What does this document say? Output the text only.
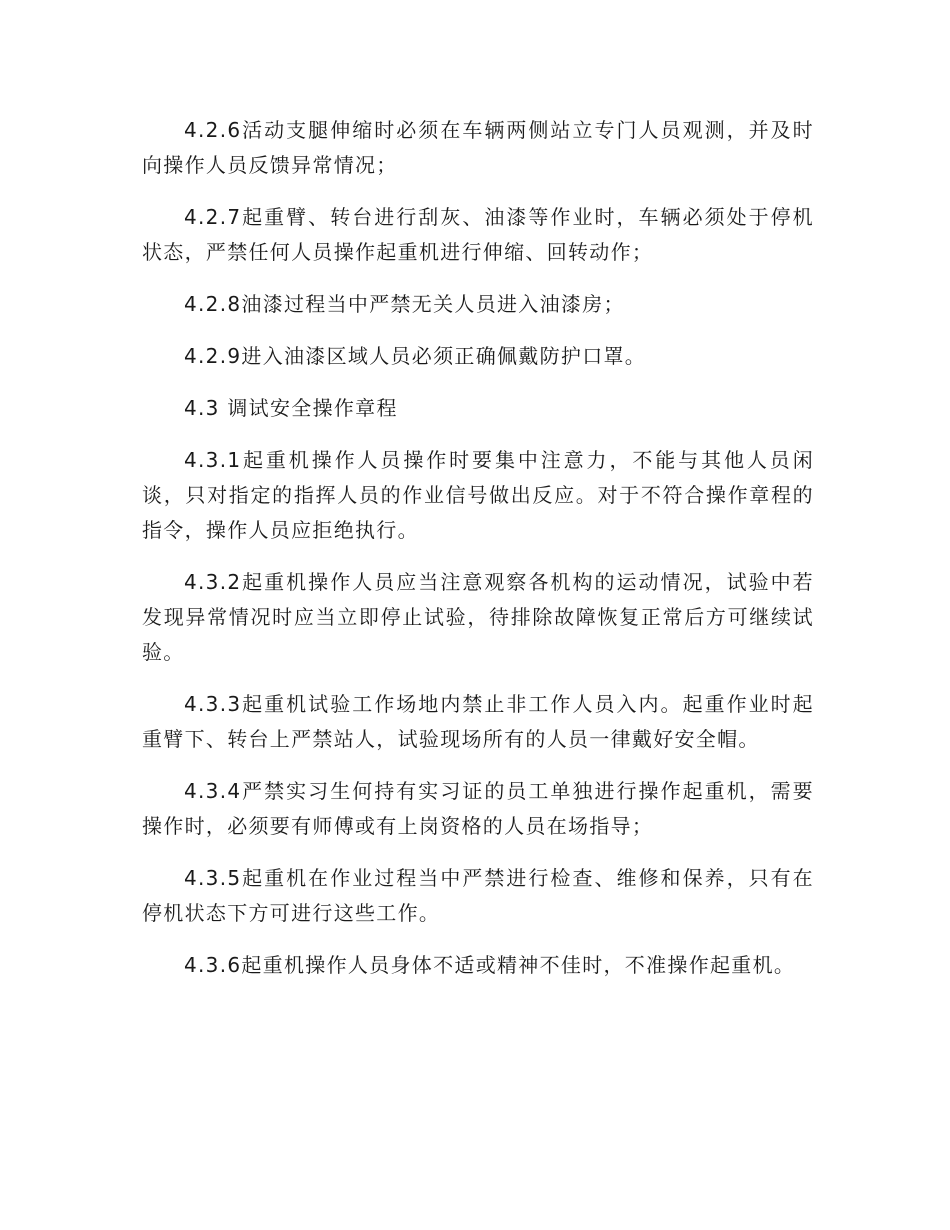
4.2.6活动支腿伸缩时必须在车辆两侧站立专门人员观测，并及时向操作人员反馈异常情况；

4.2.7起重臂、转台进行刮灰、油漆等作业时，车辆必须处于停机状态，严禁任何人员操作起重机进行伸缩、回转动作；

4.2.8油漆过程当中严禁无关人员进入油漆房；

4.2.9进入油漆区域人员必须正确佩戴防护口罩。

4.3 调试安全操作章程

4.3.1起重机操作人员操作时要集中注意力，不能与其他人员闲谈，只对指定的指挥人员的作业信号做出反应。对于不符合操作章程的指令，操作人员应拒绝执行。

4.3.2起重机操作人员应当注意观察各机构的运动情况，试验中若发现异常情况时应当立即停止试验，待排除故障恢复正常后方可继续试验。

4.3.3起重机试验工作场地内禁止非工作人员入内。起重作业时起重臂下、转台上严禁站人，试验现场所有的人员一律戴好安全帽。

4.3.4严禁实习生何持有实习证的员工单独进行操作起重机，需要操作时，必须要有师傅或有上岗资格的人员在场指导；

4.3.5起重机在作业过程当中严禁进行检查、维修和保养，只有在停机状态下方可进行这些工作。

4.3.6起重机操作人员身体不适或精神不佳时，不准操作起重机。
